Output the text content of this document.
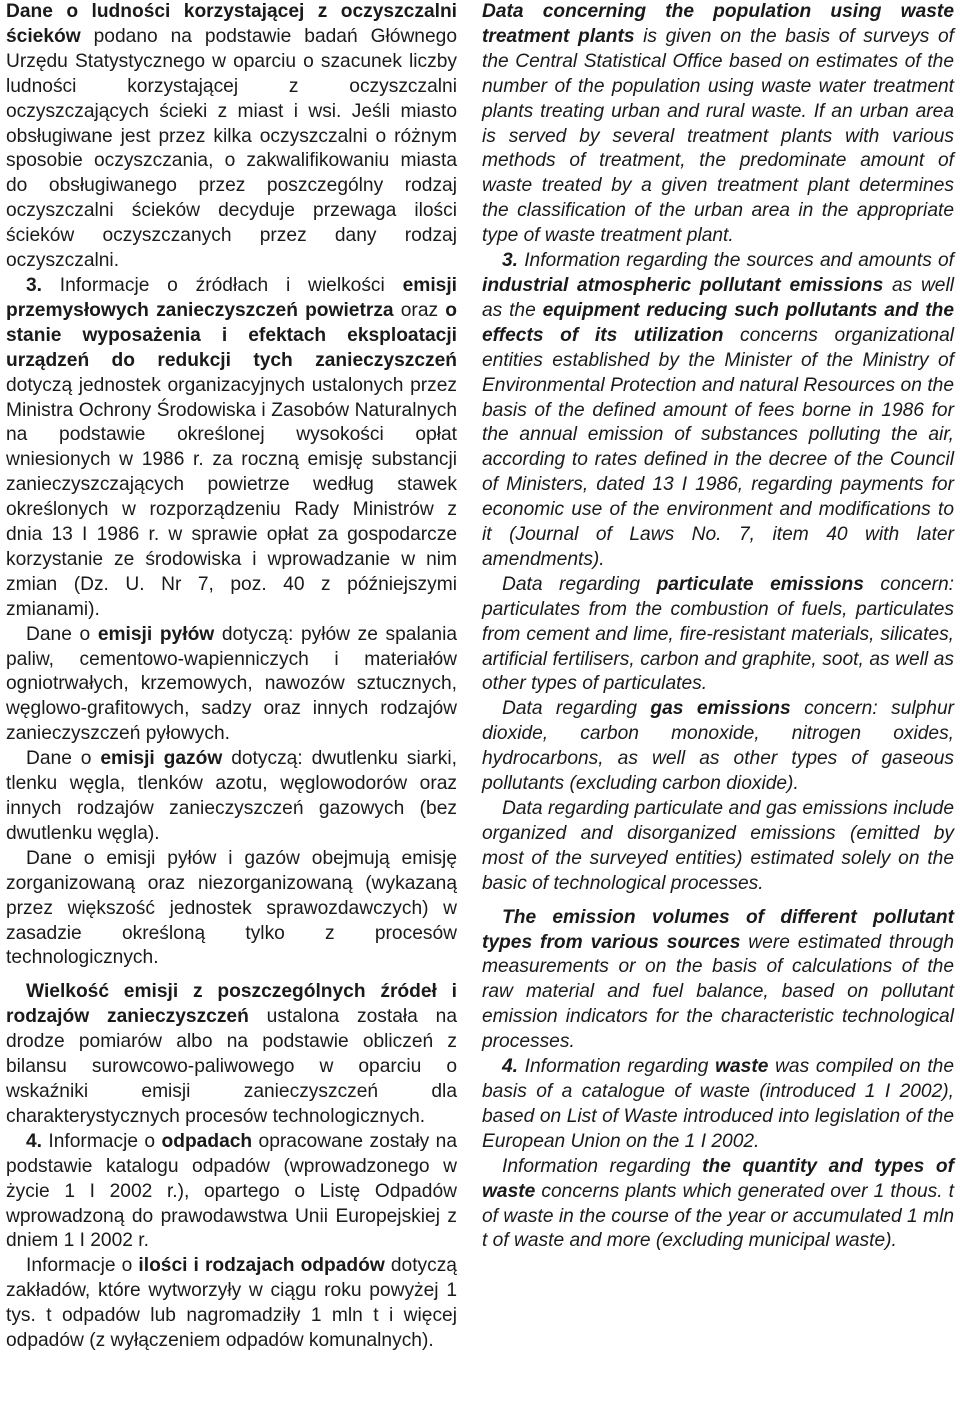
Dane o ludności korzystającej z oczyszczalni ścieków podano na podstawie badań Głównego Urzędu Statystycznego w oparciu o szacunek liczby ludności korzystającej z oczyszczalni oczyszczających ścieki z miast i wsi. Jeśli miasto obsługiwane jest przez kilka oczyszczalni o różnym sposobie oczyszczania, o zakwalifikowaniu miasta do obsługiwanego przez poszczególny rodzaj oczyszczalni ścieków decyduje przewaga ilości ścieków oczyszczanych przez dany rodzaj oczyszczalni.

3. Informacje o źródłach i wielkości emisji przemysłowych zanieczyszczeń powietrza oraz o stanie wyposażenia i efektach eksploatacji urządzeń do redukcji tych zanieczyszczeń dotyczą jednostek organizacyjnych ustalonych przez Ministra Ochrony Środowiska i Zasobów Naturalnych na podstawie określonej wysokości opłat wniesionych w 1986 r. za roczną emisję substancji zanieczyszczających powietrze według stawek określonych w rozporządzeniu Rady Ministrów z dnia 13 I 1986 r. w sprawie opłat za gospodarcze korzystanie ze środowiska i wprowadzanie w nim zmian (Dz. U. Nr 7, poz. 40 z późniejszymi zmianami).

Dane o emisji pyłów dotyczą: pyłów ze spalania paliw, cementowo-wapienniczych i materiałów ogniotrwałych, krzemowych, nawozów sztucznych, węglowo-grafitowych, sadzy oraz innych rodzajów zanieczyszczeń pyłowych.

Dane o emisji gazów dotyczą: dwutlenku siarki, tlenku węgla, tlenków azotu, węglowodorów oraz innych rodzajów zanieczyszczeń gazowych (bez dwutlenku węgla).

Dane o emisji pyłów i gazów obejmują emisję zorganizowaną oraz niezorganizowaną (wykazaną przez większość jednostek sprawozdawczych) w zasadzie określoną tylko z procesów technologicznych.

Wielkość emisji z poszczególnych źródeł i rodzajów zanieczyszczeń ustalona została na drodze pomiarów albo na podstawie obliczeń z bilansu surowcowo-paliwowego w oparciu o wskaźniki emisji zanieczyszczeń dla charakterystycznych procesów technologicznych.

4. Informacje o odpadach opracowane zostały na podstawie katalogu odpadów (wprowadzonego w życie 1 I 2002 r.), opartego o Listę Odpadów wprowadzoną do prawodawstwa Unii Europejskiej z dniem 1 I 2002 r.

Informacje o ilości i rodzajach odpadów dotyczą zakładów, które wytworzyły w ciągu roku powyżej 1 tys. t odpadów lub nagromadziły 1 mln t i więcej odpadów (z wyłączeniem odpadów komunalnych).

Data concerning the population using waste treatment plants is given on the basis of surveys of the Central Statistical Office based on estimates of the number of the population using waste water treatment plants treating urban and rural waste. If an urban area is served by several treatment plants with various methods of treatment, the predominate amount of waste treated by a given treatment plant determines the classification of the urban area in the appropriate type of waste treatment plant.

3. Information regarding the sources and amounts of industrial atmospheric pollutant emissions as well as the equipment reducing such pollutants and the effects of its utilization concerns organizational entities established by the Minister of the Ministry of Environmental Protection and natural Resources on the basis of the defined amount of fees borne in 1986 for the annual emission of substances polluting the air, according to rates defined in the decree of the Council of Ministers, dated 13 I 1986, regarding payments for economic use of the environment and modifications to it (Journal of Laws No. 7, item 40 with later amendments).

Data regarding particulate emissions concern: particulates from the combustion of fuels, particulates from cement and lime, fire-resistant materials, silicates, artificial fertilisers, carbon and graphite, soot, as well as other types of particulates.

Data regarding gas emissions concern: sulphur dioxide, carbon monoxide, nitrogen oxides, hydrocarbons, as well as other types of gaseous pollutants (excluding carbon dioxide).

Data regarding particulate and gas emissions include organized and disorganized emissions (emitted by most of the surveyed entities) estimated solely on the basic of technological processes.

The emission volumes of different pollutant types from various sources were estimated through measurements or on the basis of calculations of the raw material and fuel balance, based on pollutant emission indicators for the characteristic technological processes.

4. Information regarding waste was compiled on the basis of a catalogue of waste (introduced 1 I 2002), based on List of Waste introduced into legislation of the European Union on the 1 I 2002.

Information regarding the quantity and types of waste concerns plants which generated over 1 thous. t of waste in the course of the year or accumulated 1 mln t of waste and more (excluding municipal waste).
